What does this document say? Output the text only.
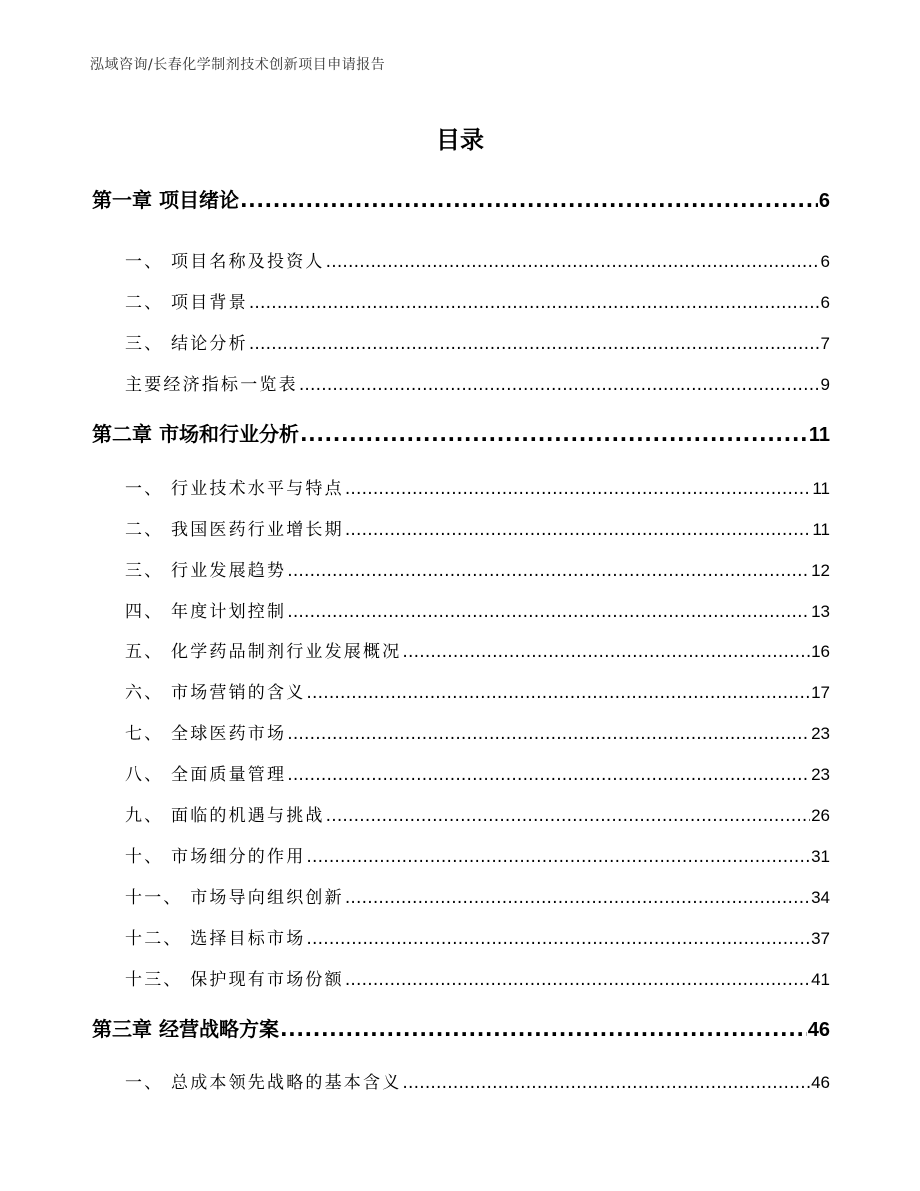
泓域咨询/长春化学制剂技术创新项目申请报告
目录
第一章 项目绪论 .....	6
一、 项目名称及投资人 .....	6
二、 项目背景 .....	6
三、 结论分析 .....	7
主要经济指标一览表 .....	9
第二章 市场和行业分析 .....	11
一、 行业技术水平与特点 .....	11
二、 我国医药行业增长期 .....	11
三、 行业发展趋势 .....	12
四、 年度计划控制 .....	13
五、 化学药品制剂行业发展概况 .....	16
六、 市场营销的含义 .....	17
七、 全球医药市场 .....	23
八、 全面质量管理 .....	23
九、 面临的机遇与挑战 .....	26
十、 市场细分的作用 .....	31
十一、 市场导向组织创新 .....	34
十二、 选择目标市场 .....	37
十三、 保护现有市场份额 .....	41
第三章 经营战略方案 .....	46
一、 总成本领先战略的基本含义 .....	46
